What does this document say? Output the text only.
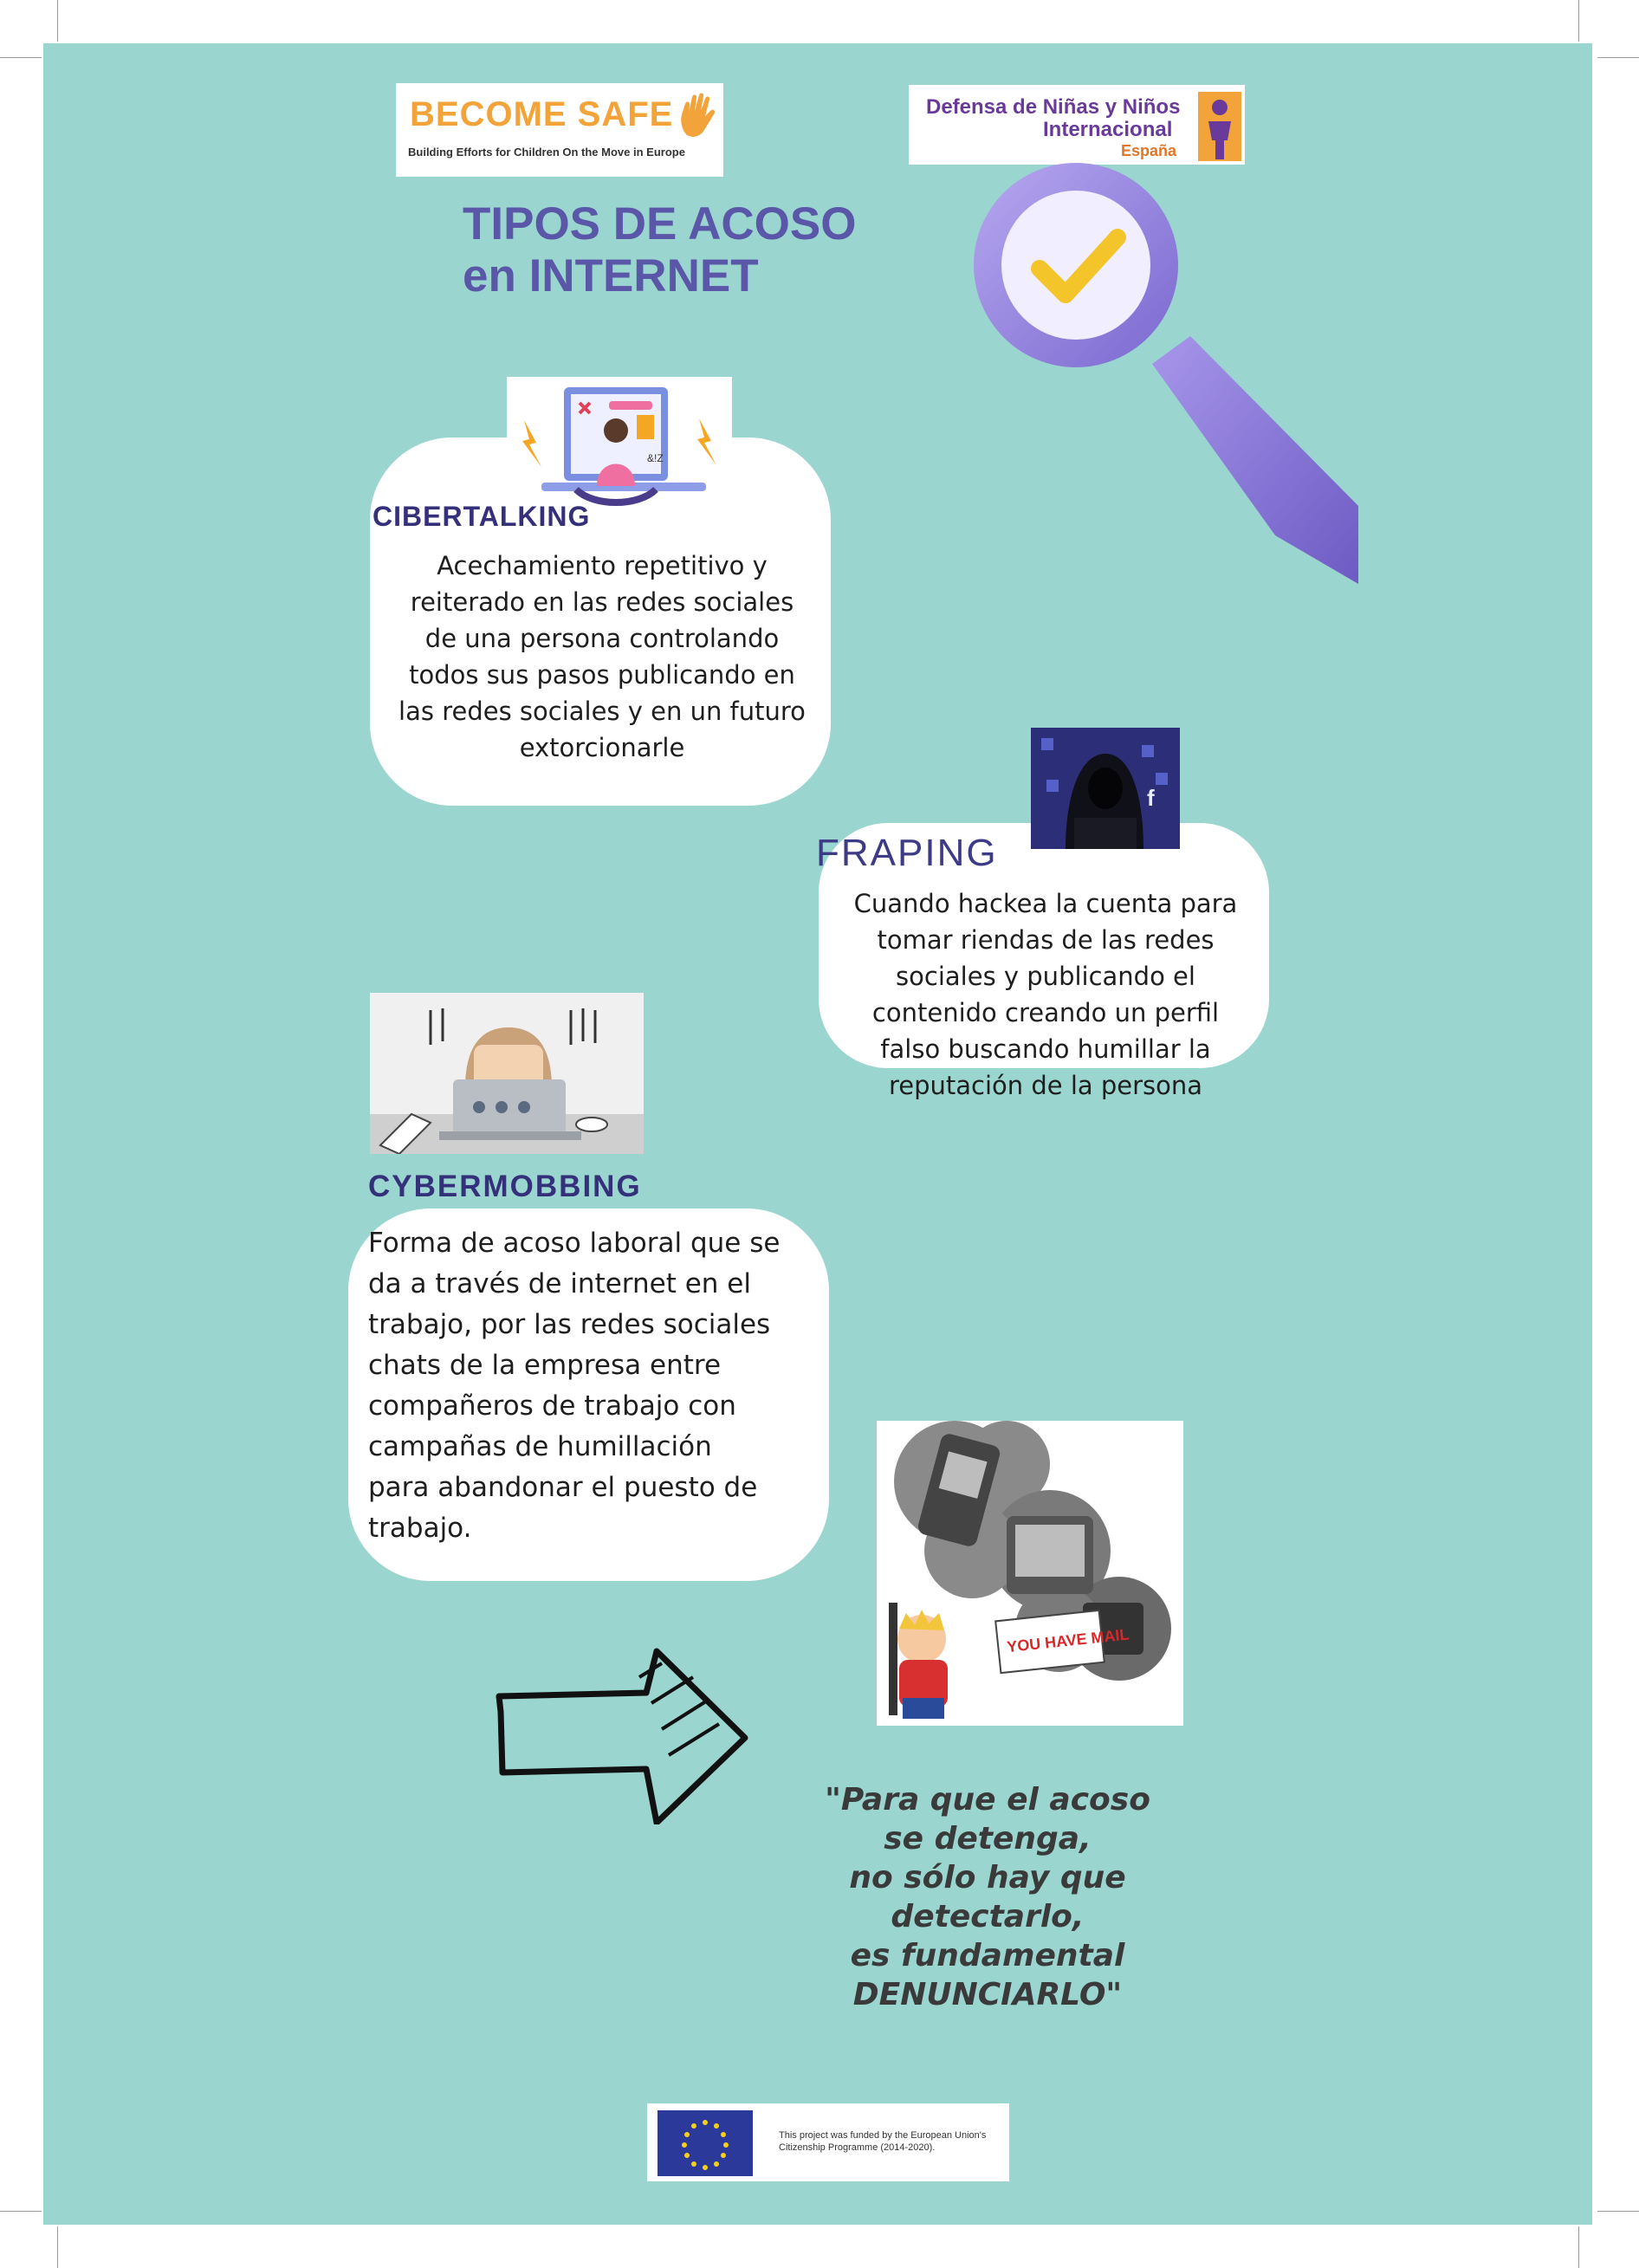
BECOME SAFE
Building Efforts for Children On the Move in Europe
Defensa de Niñas y Niños
Internacional
España
TIPOS DE ACOSO
en INTERNET
&!Z
CIBERTALKING
Acechamiento repetitivo y
reiterado en las redes sociales
de una persona controlando
todos sus pasos publicando en
las redes sociales y en un futuro
extorcionarle
f
FRAPING
Cuando hackea la cuenta para
tomar riendas de las redes
sociales y publicando el
contenido creando un perfil
falso buscando humillar la
reputación de la persona
CYBERMOBBING
Forma de acoso laboral que se
da a través de internet en el
trabajo, por las redes sociales
chats de la empresa entre
compañeros de trabajo con
campañas de humillación
para abandonar el puesto de
trabajo.
YOU HAVE MAIL
"Para que el acoso
se detenga,
no sólo hay que
detectarlo,
es fundamental
DENUNCIARLO"
This project was funded by the European Union's
Citizenship Programme (2014-2020).
